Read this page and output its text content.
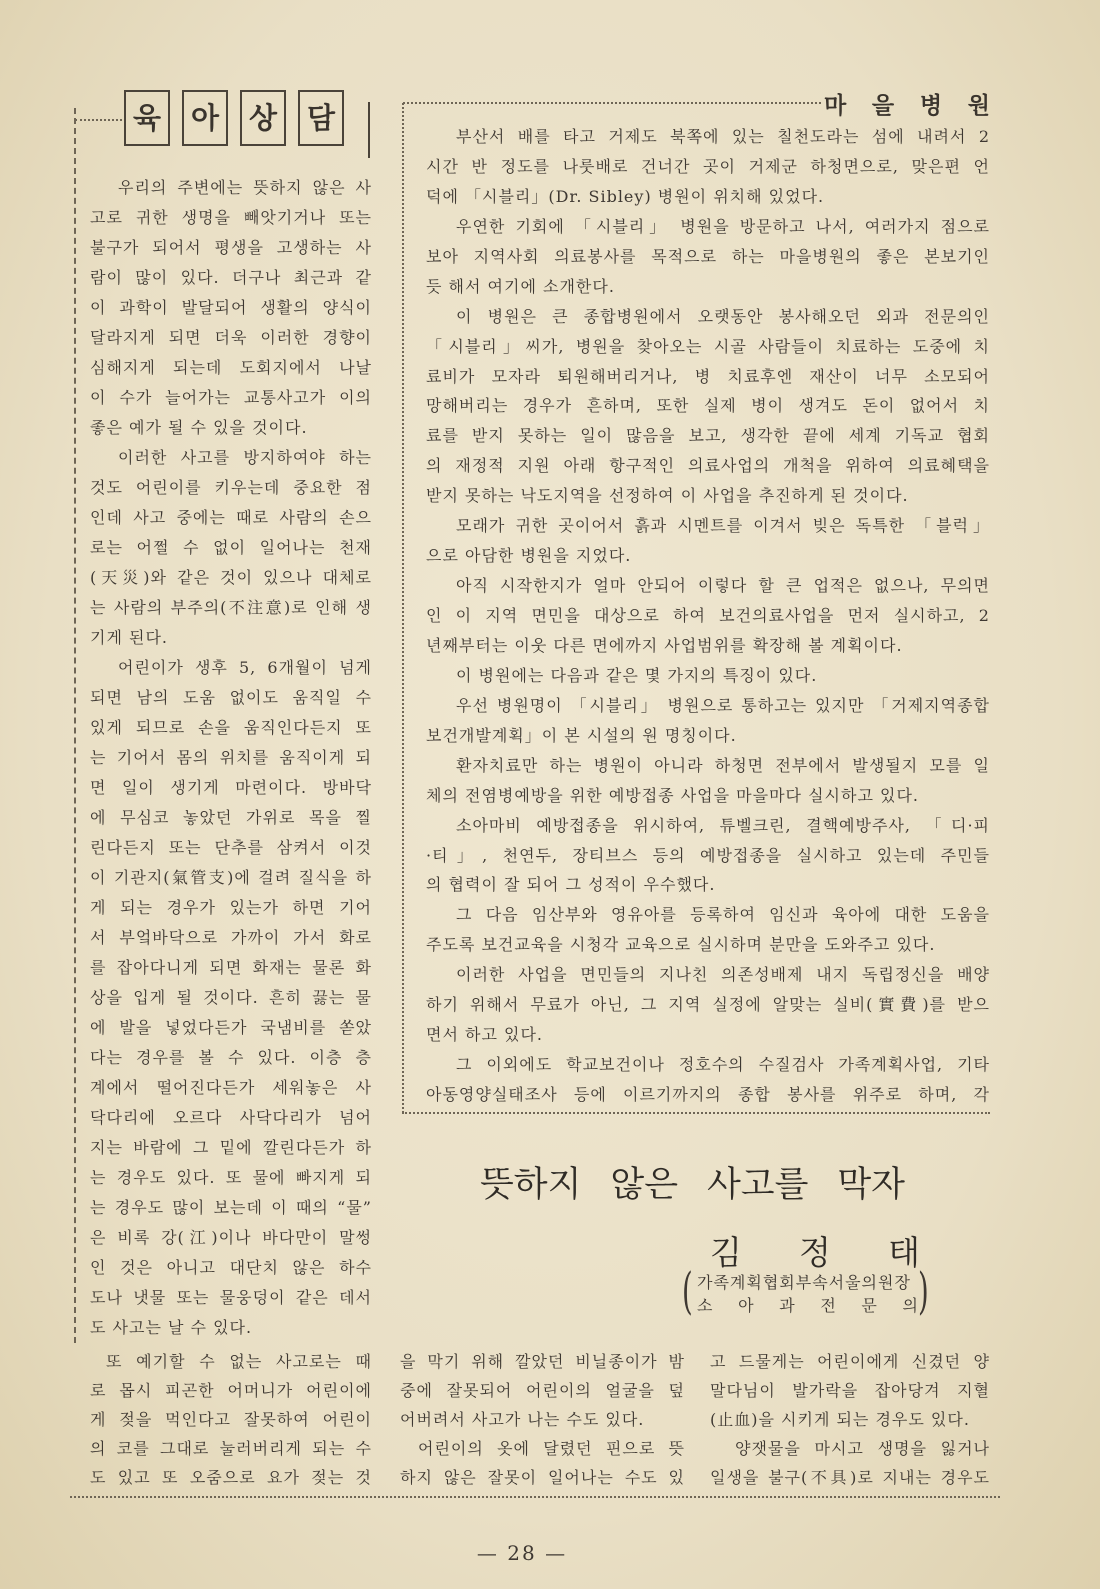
육	아	상	담	마 을 병 원
부산서 배를 타고 거제도 북쪽에 있는 칠천도라는 섬에 내려서 2
시간 반 정도를 나룻배로 건너간 곳이 거제군 하청면으로, 맞은편 언
덕에 「시블리」(Dr. Sibley) 병원이 위치해 있었다.
우연한 기회에 「시블리」 병원을 방문하고 나서, 여러가지 점으로
보아 지역사회 의료봉사를 목적으로 하는 마을병원의 좋은 본보기인
듯 해서 여기에 소개한다.
이 병원은 큰 종합병원에서 오랫동안 봉사해오던 외과 전문의인
「시블리」씨가, 병원을 찾아오는 시골 사람들이 치료하는 도중에 치
료비가 모자라 퇴원해버리거나, 병 치료후엔 재산이 너무 소모되어
망해버리는 경우가 흔하며, 또한 실제 병이 생겨도 돈이 없어서 치
료를 받지 못하는 일이 많음을 보고, 생각한 끝에 세계 기독교 협회
의 재정적 지원 아래 항구적인 의료사업의 개척을 위하여 의료혜택을
받지 못하는 낙도지역을 선정하여 이 사업을 추진하게 된 것이다.
모래가 귀한 곳이어서 흙과 시멘트를 이겨서 빚은 독특한 「블럭」
으로 아담한 병원을 지었다.
아직 시작한지가 얼마 안되어 이렇다 할 큰 업적은 없으나, 무의면
인 이 지역 면민을 대상으로 하여 보건의료사업을 먼저 실시하고, 2
년째부터는 이웃 다른 면에까지 사업범위를 확장해 볼 계획이다.
이 병원에는 다음과 같은 몇 가지의 특징이 있다.
우선 병원명이 「시블리」 병원으로 통하고는 있지만 「거제지역종합
보건개발계획」이 본 시설의 원 명칭이다.
환자치료만 하는 병원이 아니라 하청면 전부에서 발생될지 모를 일
체의 전염병예방을 위한 예방접종 사업을 마을마다 실시하고 있다.
소아마비 예방접종을 위시하여, 튜벨크린, 결핵예방주사, 「디·피
·티」, 천연두, 장티브스 등의 예방접종을 실시하고 있는데 주민들
의 협력이 잘 되어 그 성적이 우수했다.
그 다음 임산부와 영유아를 등록하여 임신과 육아에 대한 도움을
주도록 보건교육을 시청각 교육으로 실시하며 분만을 도와주고 있다.
이러한 사업을 면민들의 지나친 의존성배제 내지 독립정신을 배양
하기 위해서 무료가 아닌, 그 지역 실정에 알맞는 실비(實費)를 받으
면서 하고 있다.
그 이외에도 학교보건이나 정호수의 수질검사 가족계획사업, 기타
아동영양실태조사 등에 이르기까지의 종합 봉사를 위주로 하며, 각
우리의 주변에는 뜻하지 않은 사
고로 귀한 생명을 빼앗기거나 또는
불구가 되어서 평생을 고생하는 사
람이 많이 있다. 더구나 최근과 같
이 과학이 발달되어 생활의 양식이
달라지게 되면 더욱 이러한 경향이
심해지게 되는데 도회지에서 나날
이 수가 늘어가는 교통사고가 이의
좋은 예가 될 수 있을 것이다.
이러한 사고를 방지하여야 하는
것도 어린이를 키우는데 중요한 점
인데 사고 중에는 때로 사람의 손으
로는 어쩔 수 없이 일어나는 천재
(天災)와 같은 것이 있으나 대체로
는 사람의 부주의(不注意)로 인해 생
기게 된다.
어린이가 생후 5, 6개월이 넘게
되면 남의 도움 없이도 움직일 수
있게 되므로 손을 움직인다든지 또
는 기어서 몸의 위치를 움직이게 되
면 일이 생기게 마련이다. 방바닥
에 무심코 놓았던 가위로 목을 찔
린다든지 또는 단추를 삼켜서 이것
이 기관지(氣管支)에 걸려 질식을 하
게 되는 경우가 있는가 하면 기어
서 부엌바닥으로 가까이 가서 화로
를 잡아다니게 되면 화재는 물론 화
상을 입게 될 것이다. 흔히 끓는 물
에 발을 넣었다든가 국냄비를 쏟았
다는 경우를 볼 수 있다. 이층 층
계에서 떨어진다든가 세워놓은 사
닥다리에 오르다 사닥다리가 넘어
지는 바람에 그 밑에 깔린다든가 하
는 경우도 있다. 또 물에 빠지게 되
는 경우도 많이 보는데 이 때의 “물”
은 비록 강(江)이나 바다만이 말썽
인 것은 아니고 대단치 않은 하수
도나 냇물 또는 물웅덩이 같은 데서
도 사고는 날 수 있다.
뜻하지 않은 사고를 막자
김 정 태
( 가족계획협회부속서울의원장
소 아 과 전 문 의 )
또 예기할 수 없는 사고로는 때
로 몹시 피곤한 어머니가 어린이에
게 젖을 먹인다고 잘못하여 어린이
의 코를 그대로 눌러버리게 되는 수
도 있고 또 오줌으로 요가 젖는 것
을 막기 위해 깔았던 비닐종이가 밤
중에 잘못되어 어린이의 얼굴을 덮
어버려서 사고가 나는 수도 있다.
어린이의 옷에 달렸던 핀으로 뜻
하지 않은 잘못이 일어나는 수도 있
고 드물게는 어린이에게 신겼던 양
말다님이 발가락을 잡아당겨 지혈
(止血)을 시키게 되는 경우도 있다.
양잿물을 마시고 생명을 잃거나
일생을 불구(不具)로 지내는 경우도
— 28 —
